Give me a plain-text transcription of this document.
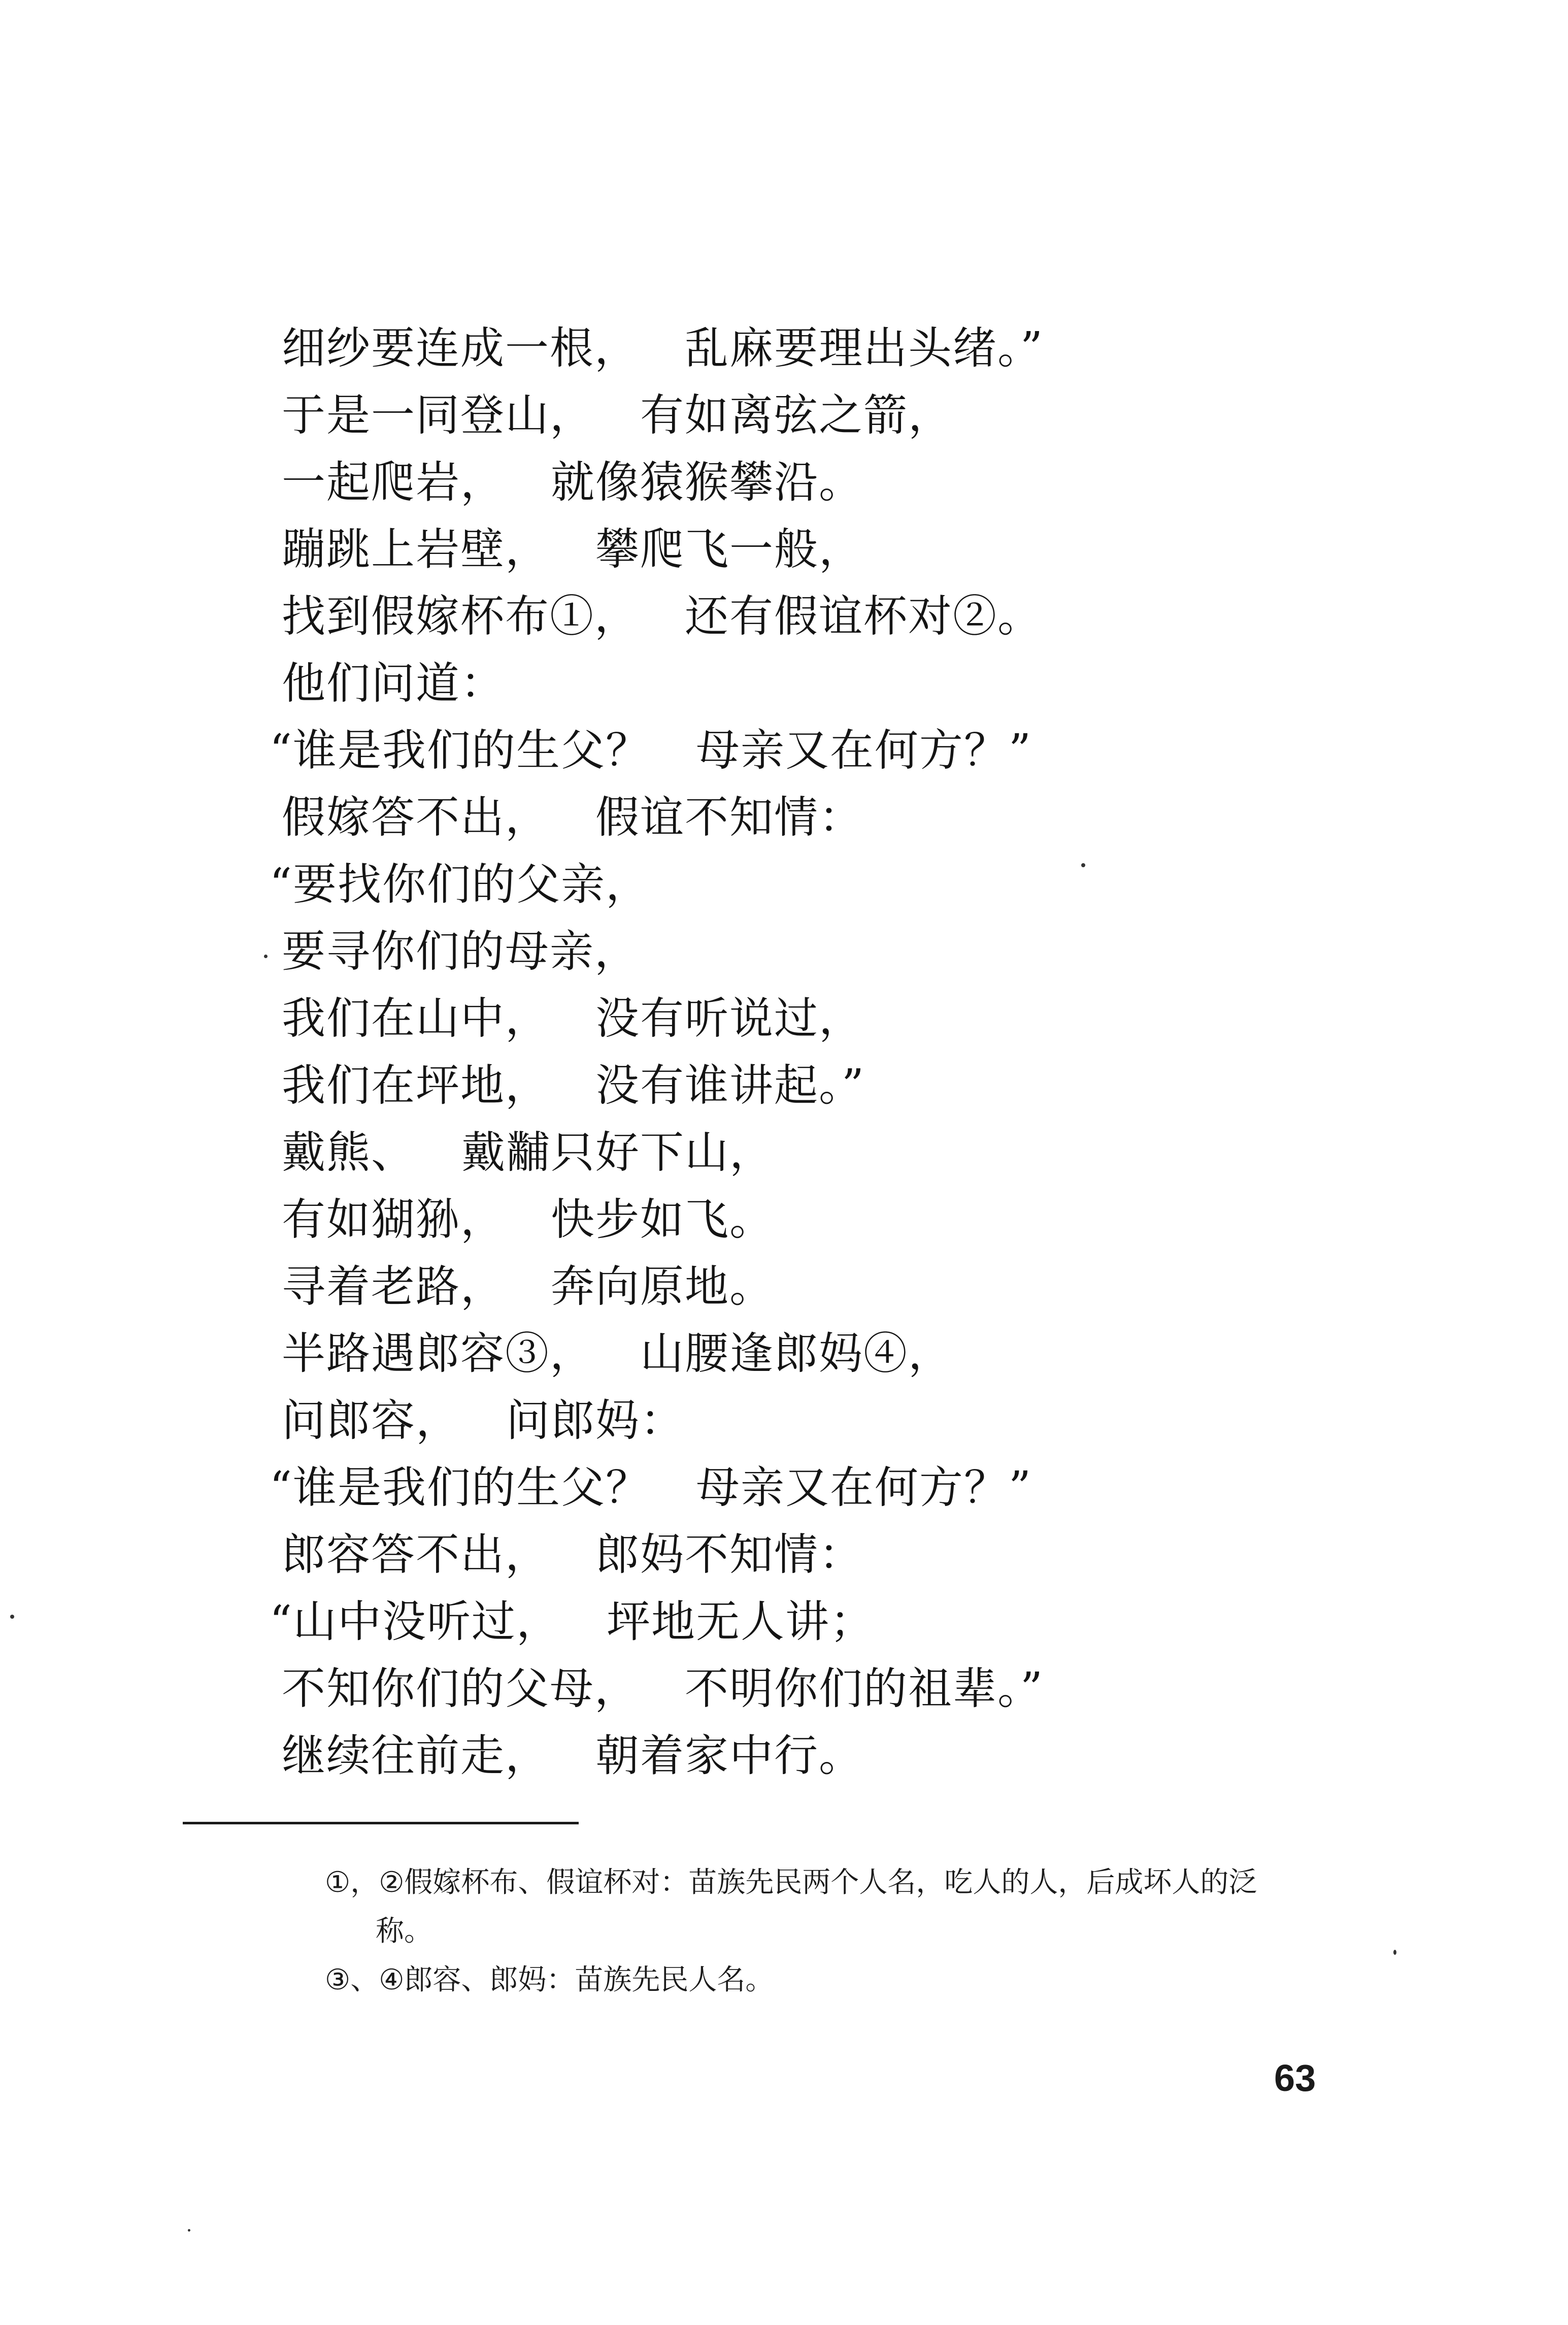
细纱要连成一根， 乱麻要理出头绪。”
于是一同登山， 有如离弦之箭，
一起爬岩， 就像猿猴攀沿。
蹦跳上岩壁， 攀爬飞一般，
找到假嫁杯布①， 还有假谊杯对②。
他们问道：
“谁是我们的生父？ 母亲又在何方？”
假嫁答不出， 假谊不知情：
“要找你们的父亲，
要寻你们的母亲，
我们在山中， 没有听说过，
我们在坪地， 没有谁讲起。”
戴熊、 戴黼只好下山，
有如猢狲， 快步如飞。
寻着老路， 奔向原地。
半路遇郎容③， 山腰逢郎妈④，
问郎容， 问郎妈：
“谁是我们的生父？ 母亲又在何方？”
郎容答不出， 郎妈不知情：
“山中没听过， 坪地无人讲；
不知你们的父母， 不明你们的祖辈。”
继续往前走， 朝着家中行。
①，②假嫁杯布、假谊杯对：苗族先民两个人名，吃人的人，后成坏人的泛
称。
③、④郎容、郎妈：苗族先民人名。
63
